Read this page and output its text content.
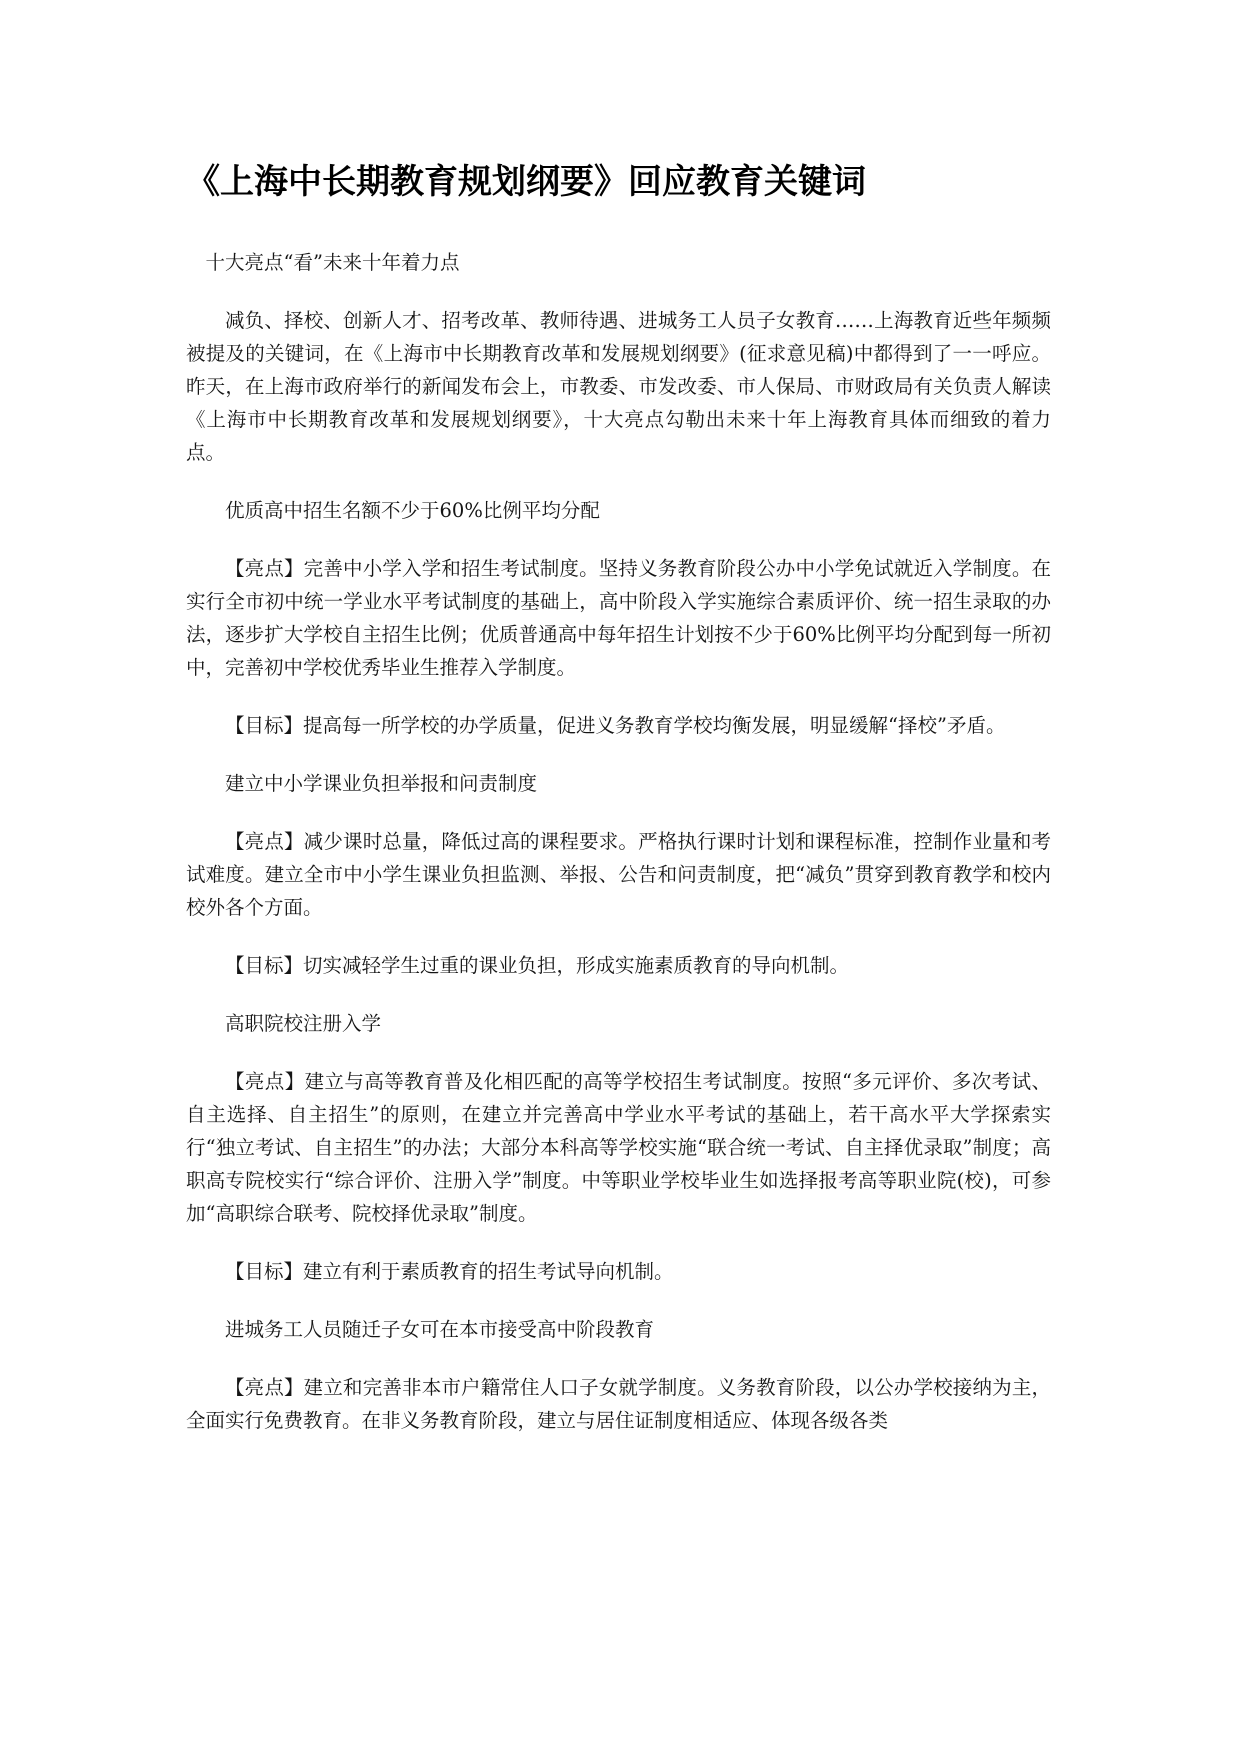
《上海中长期教育规划纲要》回应教育关键词

十大亮点“看”未来十年着力点

减负、择校、创新人才、招考改革、教师待遇、进城务工人员子女教育……上海教育近些年频频被提及的关键词，在《上海市中长期教育改革和发展规划纲要》(征求意见稿)中都得到了一一呼应。昨天，在上海市政府举行的新闻发布会上，市教委、市发改委、市人保局、市财政局有关负责人解读《上海市中长期教育改革和发展规划纲要》，十大亮点勾勒出未来十年上海教育具体而细致的着力点。

优质高中招生名额不少于60%比例平均分配

【亮点】完善中小学入学和招生考试制度。坚持义务教育阶段公办中小学免试就近入学制度。在实行全市初中统一学业水平考试制度的基础上，高中阶段入学实施综合素质评价、统一招生录取的办法，逐步扩大学校自主招生比例；优质普通高中每年招生计划按不少于60%比例平均分配到每一所初中，完善初中学校优秀毕业生推荐入学制度。

【目标】提高每一所学校的办学质量，促进义务教育学校均衡发展，明显缓解“择校”矛盾。

建立中小学课业负担举报和问责制度

【亮点】减少课时总量，降低过高的课程要求。严格执行课时计划和课程标准，控制作业量和考试难度。建立全市中小学生课业负担监测、举报、公告和问责制度，把“减负”贯穿到教育教学和校内校外各个方面。

【目标】切实减轻学生过重的课业负担，形成实施素质教育的导向机制。

高职院校注册入学

【亮点】建立与高等教育普及化相匹配的高等学校招生考试制度。按照“多元评价、多次考试、自主选择、自主招生”的原则，在建立并完善高中学业水平考试的基础上，若干高水平大学探索实行“独立考试、自主招生”的办法；大部分本科高等学校实施“联合统一考试、自主择优录取”制度；高职高专院校实行“综合评价、注册入学”制度。中等职业学校毕业生如选择报考高等职业院(校)，可参加“高职综合联考、院校择优录取”制度。

【目标】建立有利于素质教育的招生考试导向机制。

进城务工人员随迁子女可在本市接受高中阶段教育

【亮点】建立和完善非本市户籍常住人口子女就学制度。义务教育阶段，以公办学校接纳为主，全面实行免费教育。在非义务教育阶段，建立与居住证制度相适应、体现各级各类
